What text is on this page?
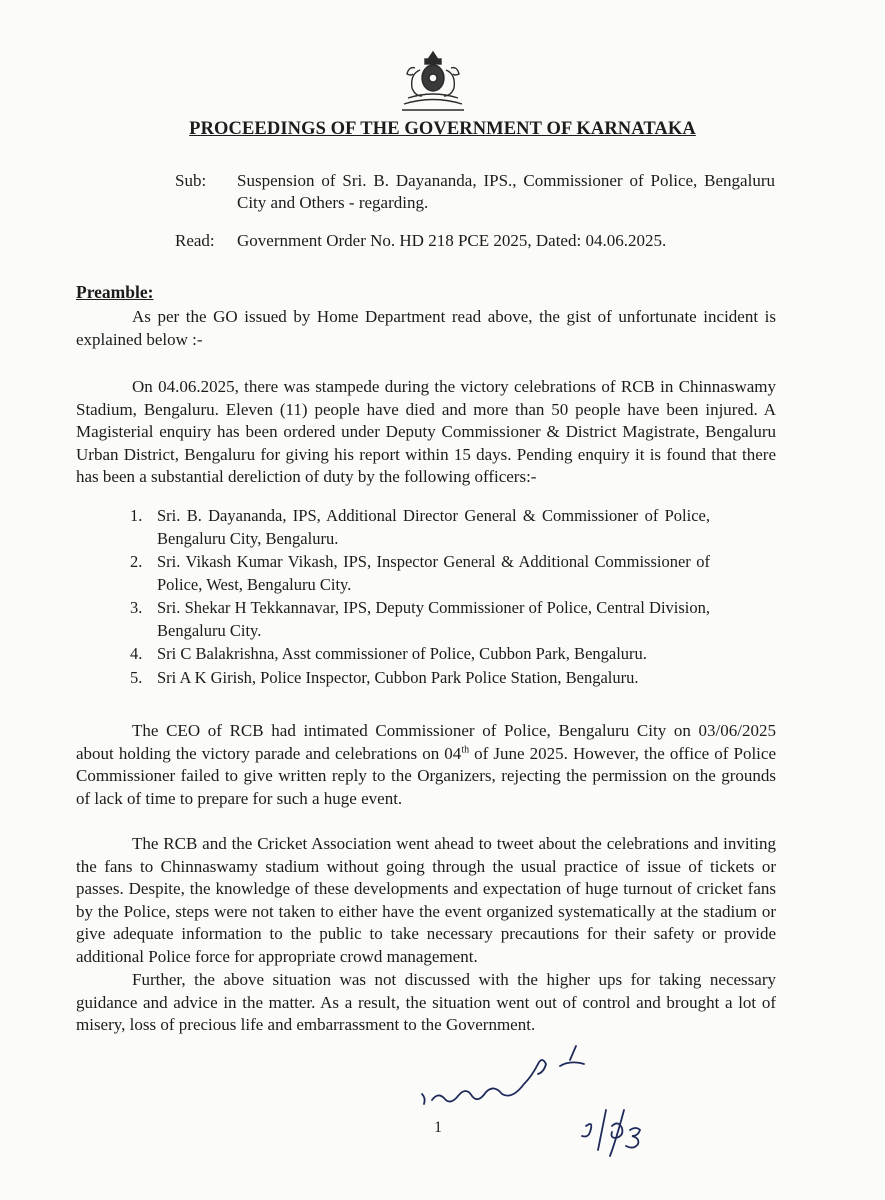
PROCEEDINGS OF THE GOVERNMENT OF KARNATAKA
Sub: Suspension of Sri. B. Dayananda, IPS., Commissioner of Police, Bengaluru City and Others - regarding.
Read: Government Order No. HD 218 PCE 2025, Dated: 04.06.2025.
Preamble:

As per the GO issued by Home Department read above, the gist of unfortunate incident is explained below :-

On 04.06.2025, there was stampede during the victory celebrations of RCB in Chinnaswamy Stadium, Bengaluru. Eleven (11) people have died and more than 50 people have been injured. A Magisterial enquiry has been ordered under Deputy Commissioner & District Magistrate, Bengaluru Urban District, Bengaluru for giving his report within 15 days. Pending enquiry it is found that there has been a substantial dereliction of duty by the following officers:-

1. Sri. B. Dayananda, IPS, Additional Director General & Commissioner of Police, Bengaluru City, Bengaluru.
2. Sri. Vikash Kumar Vikash, IPS, Inspector General & Additional Commissioner of Police, West, Bengaluru City.
3. Sri. Shekar H Tekkannavar, IPS, Deputy Commissioner of Police, Central Division, Bengaluru City.
4. Sri C Balakrishna, Asst commissioner of Police, Cubbon Park, Bengaluru.
5. Sri A K Girish, Police Inspector, Cubbon Park Police Station, Bengaluru.

The CEO of RCB had intimated Commissioner of Police, Bengaluru City on 03/06/2025 about holding the victory parade and celebrations on 04th of June 2025. However, the office of Police Commissioner failed to give written reply to the Organizers, rejecting the permission on the grounds of lack of time to prepare for such a huge event.

The RCB and the Cricket Association went ahead to tweet about the celebrations and inviting the fans to Chinnaswamy stadium without going through the usual practice of issue of tickets or passes. Despite, the knowledge of these developments and expectation of huge turnout of cricket fans by the Police, steps were not taken to either have the event organized systematically at the stadium or give adequate information to the public to take necessary precautions for their safety or provide additional Police force for appropriate crowd management.

Further, the above situation was not discussed with the higher ups for taking necessary guidance and advice in the matter. As a result, the situation went out of control and brought a lot of misery, loss of precious life and embarrassment to the Government.

1
